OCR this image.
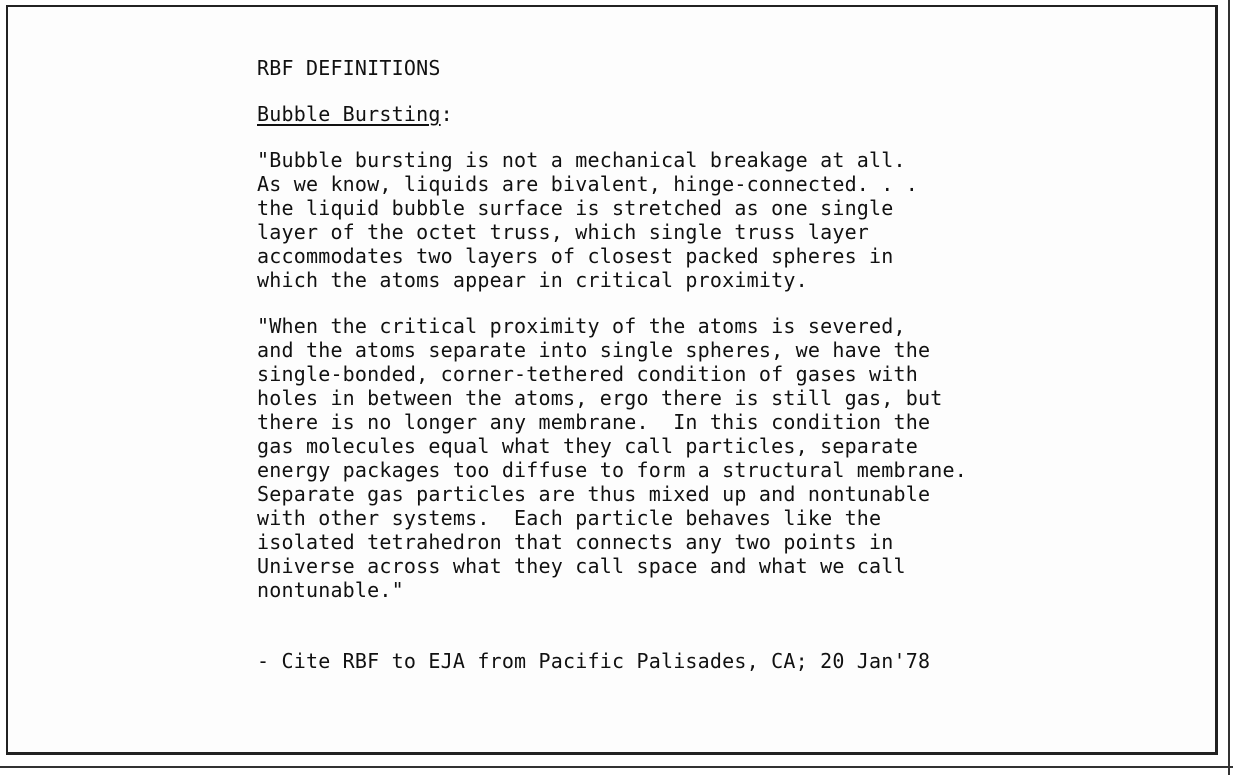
RBF DEFINITIONS
Bubble Bursting:
"Bubble bursting is not a mechanical breakage at all.
As we know, liquids are bivalent, hinge-connected. . .
the liquid bubble surface is stretched as one single
layer of the octet truss, which single truss layer
accommodates two layers of closest packed spheres in
which the atoms appear in critical proximity.
"When the critical proximity of the atoms is severed,
and the atoms separate into single spheres, we have the
single-bonded, corner-tethered condition of gases with
holes in between the atoms, ergo there is still gas, but
there is no longer any membrane.  In this condition the
gas molecules equal what they call particles, separate
energy packages too diffuse to form a structural membrane.
Separate gas particles are thus mixed up and nontunable
with other systems.  Each particle behaves like the
isolated tetrahedron that connects any two points in
Universe across what they call space and what we call
nontunable."
- Cite RBF to EJA from Pacific Palisades, CA; 20 Jan'78
